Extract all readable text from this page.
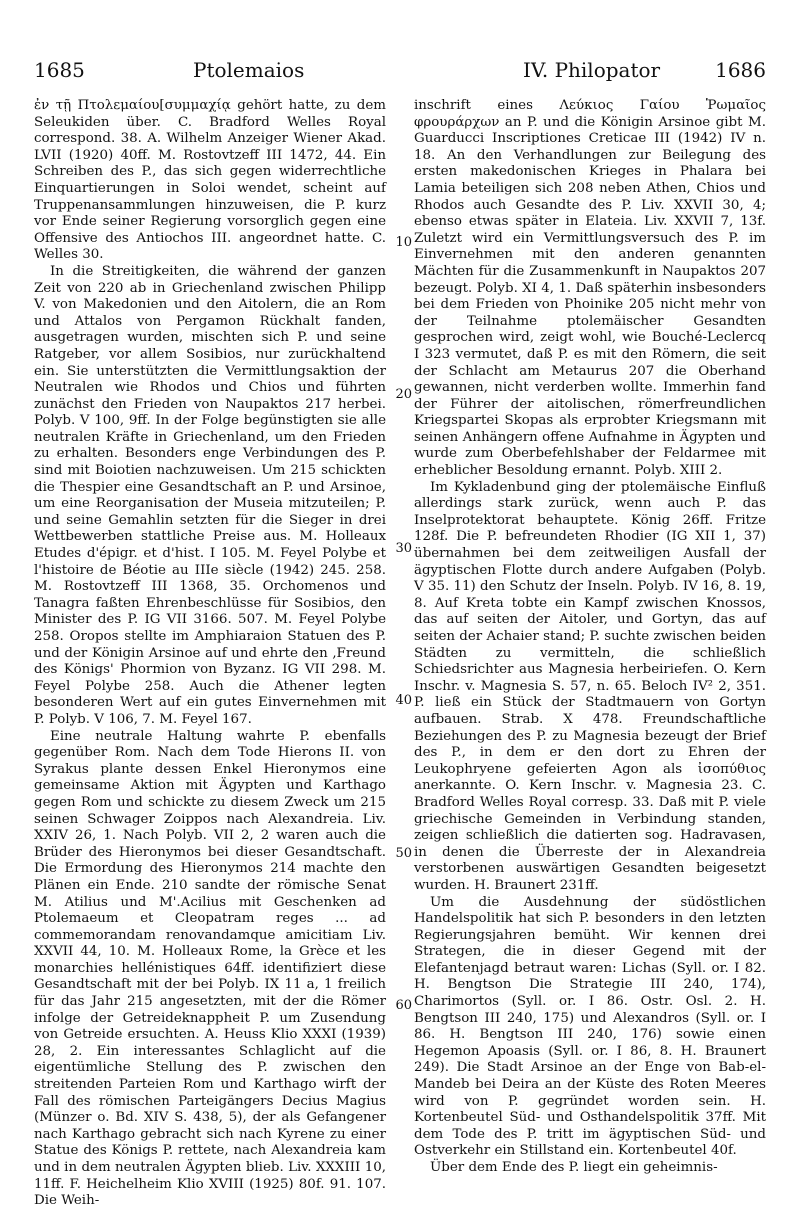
1685	Ptolemaios	IV. Philopator	1686

ἐν τῇ Πτολεμαίου[συμμαχίᾳ gehört hatte, zu dem Seleukiden über. C. Bradford Welles Royal correspond. 38. A. Wilhelm Anzeiger Wiener Akad. LVII (1920) 40ff. M. Rostovtzeff III 1472, 44. Ein Schreiben des P., das sich gegen widerrechtliche Einquartierungen in Soloi wendet, scheint auf Truppenansammlungen hinzuweisen, die P. kurz vor Ende seiner Regierung vorsorglich gegen eine Offensive des Antiochos III. angeordnet hatte. C. Welles 30.

In die Streitigkeiten, die während der ganzen Zeit von 220 ab in Griechenland zwischen Philipp V. von Makedonien und den Aitolern, die an Rom und Attalos von Pergamon Rückhalt fanden, ausgetragen wurden, mischten sich P. und seine Ratgeber, vor allem Sosibios, nur zurückhaltend ein. Sie unterstützten die Vermittlungsaktion der Neutralen wie Rhodos und Chios und führten zunächst den Frieden von Naupaktos 217 herbei. Polyb. V 100, 9ff. In der Folge begünstigten sie alle neutralen Kräfte in Griechenland, um den Frieden zu erhalten. Besonders enge Verbindungen des P. sind mit Boiotien nachzuweisen. Um 215 schickten die Thespier eine Gesandtschaft an P. und Arsinoe, um eine Reorganisation der Museia mitzuteilen; P. und seine Gemahlin setzten für die Sieger in drei Wettbewerben stattliche Preise aus. M. Holleaux Etudes d'épigr. et d'hist. I 105. M. Feyel Polybe et l'histoire de Béotie au IIIe siècle (1942) 245. 258. M. Rostovtzeff III 1368, 35. Orchomenos und Tanagra faßten Ehrenbeschlüsse für Sosibios, den Minister des P. IG VII 3166. 507. M. Feyel Polybe 258. Oropos stellte im Amphiaraion Statuen des P. und der Königin Arsinoe auf und ehrte den ‚Freund des Königs' Phormion von Byzanz. IG VII 298. M. Feyel Polybe 258. Auch die Athener legten besonderen Wert auf ein gutes Einvernehmen mit P. Polyb. V 106, 7. M. Feyel 167.

Eine neutrale Haltung wahrte P. ebenfalls gegenüber Rom. Nach dem Tode Hierons II. von Syrakus plante dessen Enkel Hieronymos eine gemeinsame Aktion mit Ägypten und Karthago gegen Rom und schickte zu diesem Zweck um 215 seinen Schwager Zoippos nach Alexandreia. Liv. XXIV 26, 1. Nach Polyb. VII 2, 2 waren auch die Brüder des Hieronymos bei dieser Gesandtschaft. Die Ermordung des Hieronymos 214 machte den Plänen ein Ende. 210 sandte der römische Senat M. Atilius und M'.Acilius mit Geschenken ad Ptolemaeum et Cleopatram reges ... ad commemorandam renovandamque amicitiam Liv. XXVII 44, 10. M. Holleaux Rome, la Grèce et les monarchies hellénistiques 64ff. identifiziert diese Gesandtschaft mit der bei Polyb. IX 11 a, 1 freilich für das Jahr 215 angesetzten, mit der die Römer infolge der Getreideknappheit P. um Zusendung von Getreide ersuchten. A. Heuss Klio XXXI (1939) 28, 2. Ein interessantes Schlaglicht auf die eigentümliche Stellung des P. zwischen den streitenden Parteien Rom und Karthago wirft der Fall des römischen Parteigängers Decius Magius (Münzer o. Bd. XIV S. 438, 5), der als Gefangener nach Karthago gebracht sich nach Kyrene zu einer Statue des Königs P. rettete, nach Alexandreia kam und in dem neutralen Ägypten blieb. Liv. XXXIII 10, 11ff. F. Heichelheim Klio XVIII (1925) 80f. 91. 107. Die Weih-

inschrift eines Λεύκιος Γαίου Ῥωμαῖος φρουράρχων an P. und die Königin Arsinoe gibt M. Guarducci Inscriptiones Creticae III (1942) IV n. 18. An den Verhandlungen zur Beilegung des ersten makedonischen Krieges in Phalara bei Lamia beteiligen sich 208 neben Athen, Chios und Rhodos auch Gesandte des P. Liv. XXVII 30, 4; ebenso etwas später in Elateia. Liv. XXVII 7, 13f. Zuletzt wird ein Vermittlungsversuch des P. im Einvernehmen mit den anderen genannten Mächten für die Zusammenkunft in Naupaktos 207 bezeugt. Polyb. XI 4, 1. Daß späterhin insbesonders bei dem Frieden von Phoinike 205 nicht mehr von der Teilnahme ptolemäischer Gesandten gesprochen wird, zeigt wohl, wie Bouché-Leclercq I 323 vermutet, daß P. es mit den Römern, die seit der Schlacht am Metaurus 207 die Oberhand gewannen, nicht verderben wollte. Immerhin fand der Führer der aitolischen, römerfreundlichen Kriegspartei Skopas als erprobter Kriegsmann mit seinen Anhängern offene Aufnahme in Ägypten und wurde zum Oberbefehlshaber der Feldarmee mit erheblicher Besoldung ernannt. Polyb. XIII 2.

Im Kykladenbund ging der ptolemäische Einfluß allerdings stark zurück, wenn auch P. das Inselprotektorat behauptete. König 26ff. Fritze 128f. Die P. befreundeten Rhodier (IG XII 1, 37) übernahmen bei dem zeitweiligen Ausfall der ägyptischen Flotte durch andere Aufgaben (Polyb. V 35. 11) den Schutz der Inseln. Polyb. IV 16, 8. 19, 8. Auf Kreta tobte ein Kampf zwischen Knossos, das auf seiten der Aitoler, und Gortyn, das auf seiten der Achaier stand; P. suchte zwischen beiden Städten zu vermitteln, die schließlich Schiedsrichter aus Magnesia herbeiriefen. O. Kern Inschr. v. Magnesia S. 57, n. 65. Beloch IV² 2, 351. P. ließ ein Stück der Stadtmauern von Gortyn aufbauen. Strab. X 478. Freundschaftliche Beziehungen des P. zu Magnesia bezeugt der Brief des P., in dem er den dort zu Ehren der Leukophryene gefeierten Agon als ἰσοπύθιος anerkannte. O. Kern Inschr. v. Magnesia 23. C. Bradford Welles Royal corresp. 33. Daß mit P. viele griechische Gemeinden in Verbindung standen, zeigen schließlich die datierten sog. Hadravasen, in denen die Überreste der in Alexandreia verstorbenen auswärtigen Gesandten beigesetzt wurden. H. Braunert 231ff.

Um die Ausdehnung der südöstlichen Handelspolitik hat sich P. besonders in den letzten Regierungsjahren bemüht. Wir kennen drei Strategen, die in dieser Gegend mit der Elefantenjagd betraut waren: Lichas (Syll. or. I 82. H. Bengtson Die Strategie III 240, 174), Charimortos (Syll. or. I 86. Ostr. Osl. 2. H. Bengtson III 240, 175) und Alexandros (Syll. or. I 86. H. Bengtson III 240, 176) sowie einen Hegemon Apoasis (Syll. or. I 86, 8. H. Braunert 249). Die Stadt Arsinoe an der Enge von Bab-el-Mandeb bei Deira an der Küste des Roten Meeres wird von P. gegründet worden sein. H. Kortenbeutel Süd- und Osthandelspolitik 37ff. Mit dem Tode des P. tritt im ägyptischen Süd- und Ostverkehr ein Stillstand ein. Kortenbeutel 40f.

Über dem Ende des P. liegt ein geheimnis-

10
20
30
40
50
60
